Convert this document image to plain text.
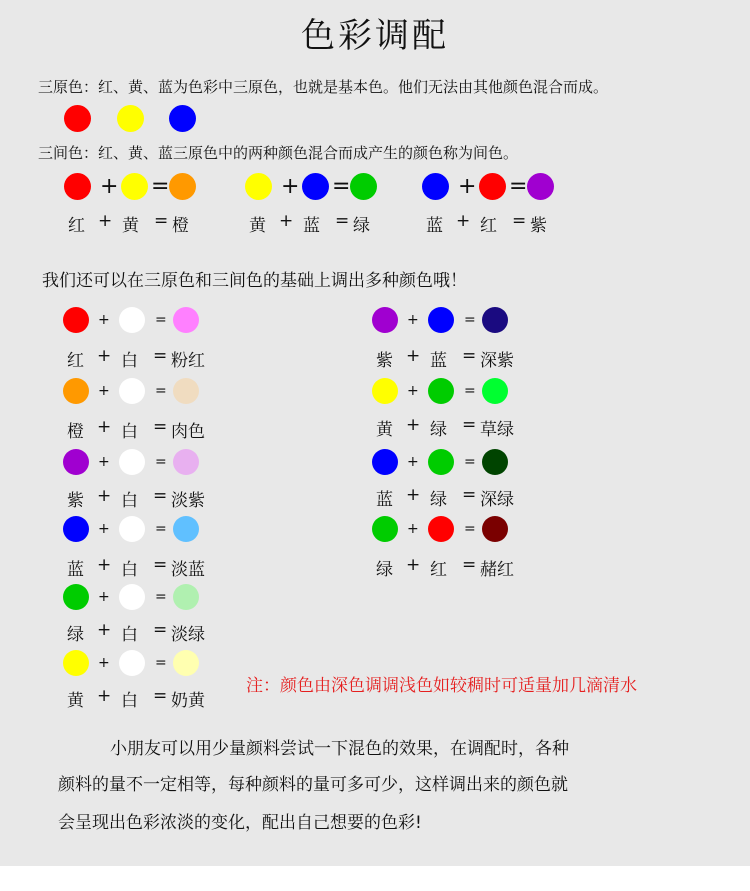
色彩调配
三原色：红、黄、蓝为色彩中三原色，也就是基本色。他们无法由其他颜色混合而成。
三间色：红、黄、蓝三原色中的两种颜色混合而成产生的颜色称为间色。
+ =
红 + 黄 = 橙
+ =
黄 + 蓝 = 绿
+ =
蓝 + 红 = 紫
我们还可以在三原色和三间色的基础上调出多种颜色哦！
+	=
红 + 白 = 粉红
+	=
橙 + 白 = 肉色
+	=
紫 + 白 = 淡紫
+	=
蓝 + 白 = 淡蓝
+	=
绿 + 白 = 淡绿
+	=
黄 + 白 = 奶黄
+	=
紫 + 蓝 = 深紫
+	=
黄 + 绿 = 草绿
+	=
蓝 + 绿 = 深绿
+	=
绿 + 红 = 赭红
注：颜色由深色调调浅色如较稠时可适量加几滴清水
小朋友可以用少量颜料尝试一下混色的效果，在调配时，各种
颜料的量不一定相等，每种颜料的量可多可少，这样调出来的颜色就
会呈现出色彩浓淡的变化，配出自己想要的色彩!
